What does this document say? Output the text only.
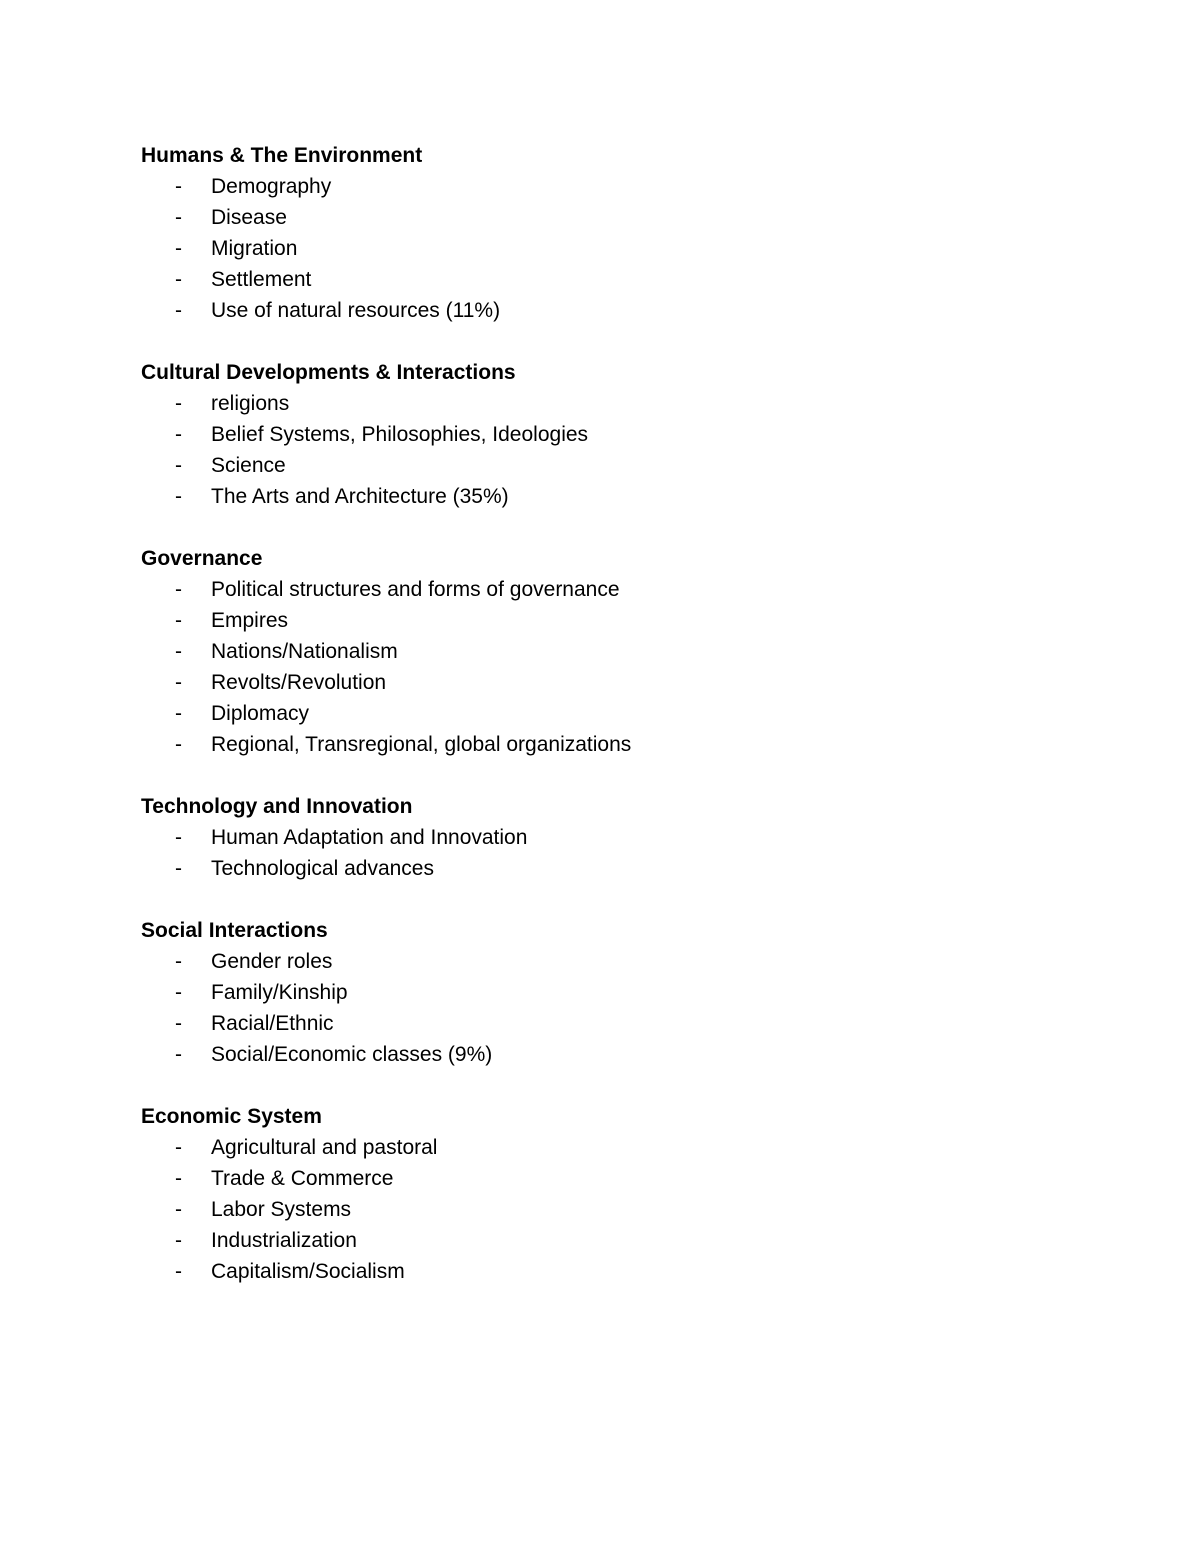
Humans & The Environment
- Demography
- Disease
- Migration
- Settlement
- Use of natural resources (11%)
Cultural Developments & Interactions
- religions
- Belief Systems, Philosophies, Ideologies
- Science
- The Arts and Architecture (35%)
Governance
- Political structures and forms of governance
- Empires
- Nations/Nationalism
- Revolts/Revolution
- Diplomacy
- Regional, Transregional, global organizations
Technology and Innovation
- Human Adaptation and Innovation
- Technological advances
Social Interactions
- Gender roles
- Family/Kinship
- Racial/Ethnic
- Social/Economic classes (9%)
Economic System
- Agricultural and pastoral
- Trade & Commerce
- Labor Systems
- Industrialization
- Capitalism/Socialism
